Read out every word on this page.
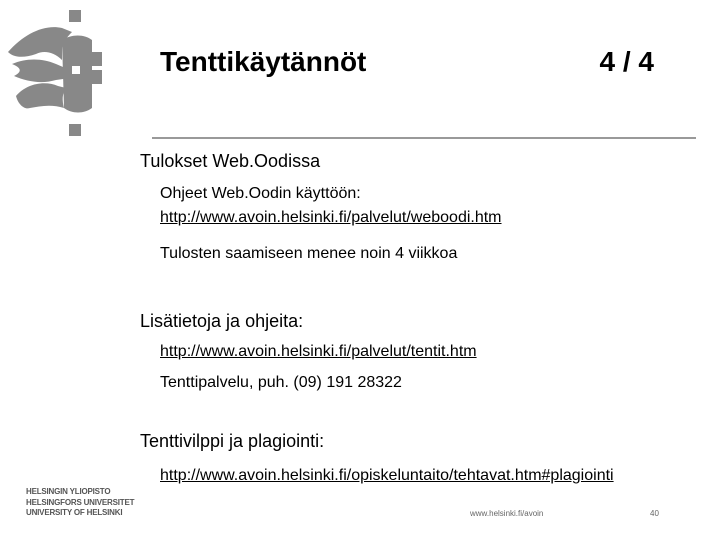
Tenttikäytännöt	4 / 4
Tulokset Web.Oodissa
Ohjeet Web.Oodin käyttöön:
http://www.avoin.helsinki.fi/palvelut/weboodi.htm
Tulosten saamiseen menee noin 4 viikkoa
Lisätietoja ja ohjeita:
http://www.avoin.helsinki.fi/palvelut/tentit.htm
Tenttipalvelu, puh. (09) 191 28322
Tenttivilppi ja plagiointi:
http://www.avoin.helsinki.fi/opiskeluntaito/tehtavat.htm#plagiointi
HELSINGIN YLIOPISTO
HELSINGFORS UNIVERSITET
UNIVERSITY OF HELSINKI	www.helsinki.fi/avoin	40
